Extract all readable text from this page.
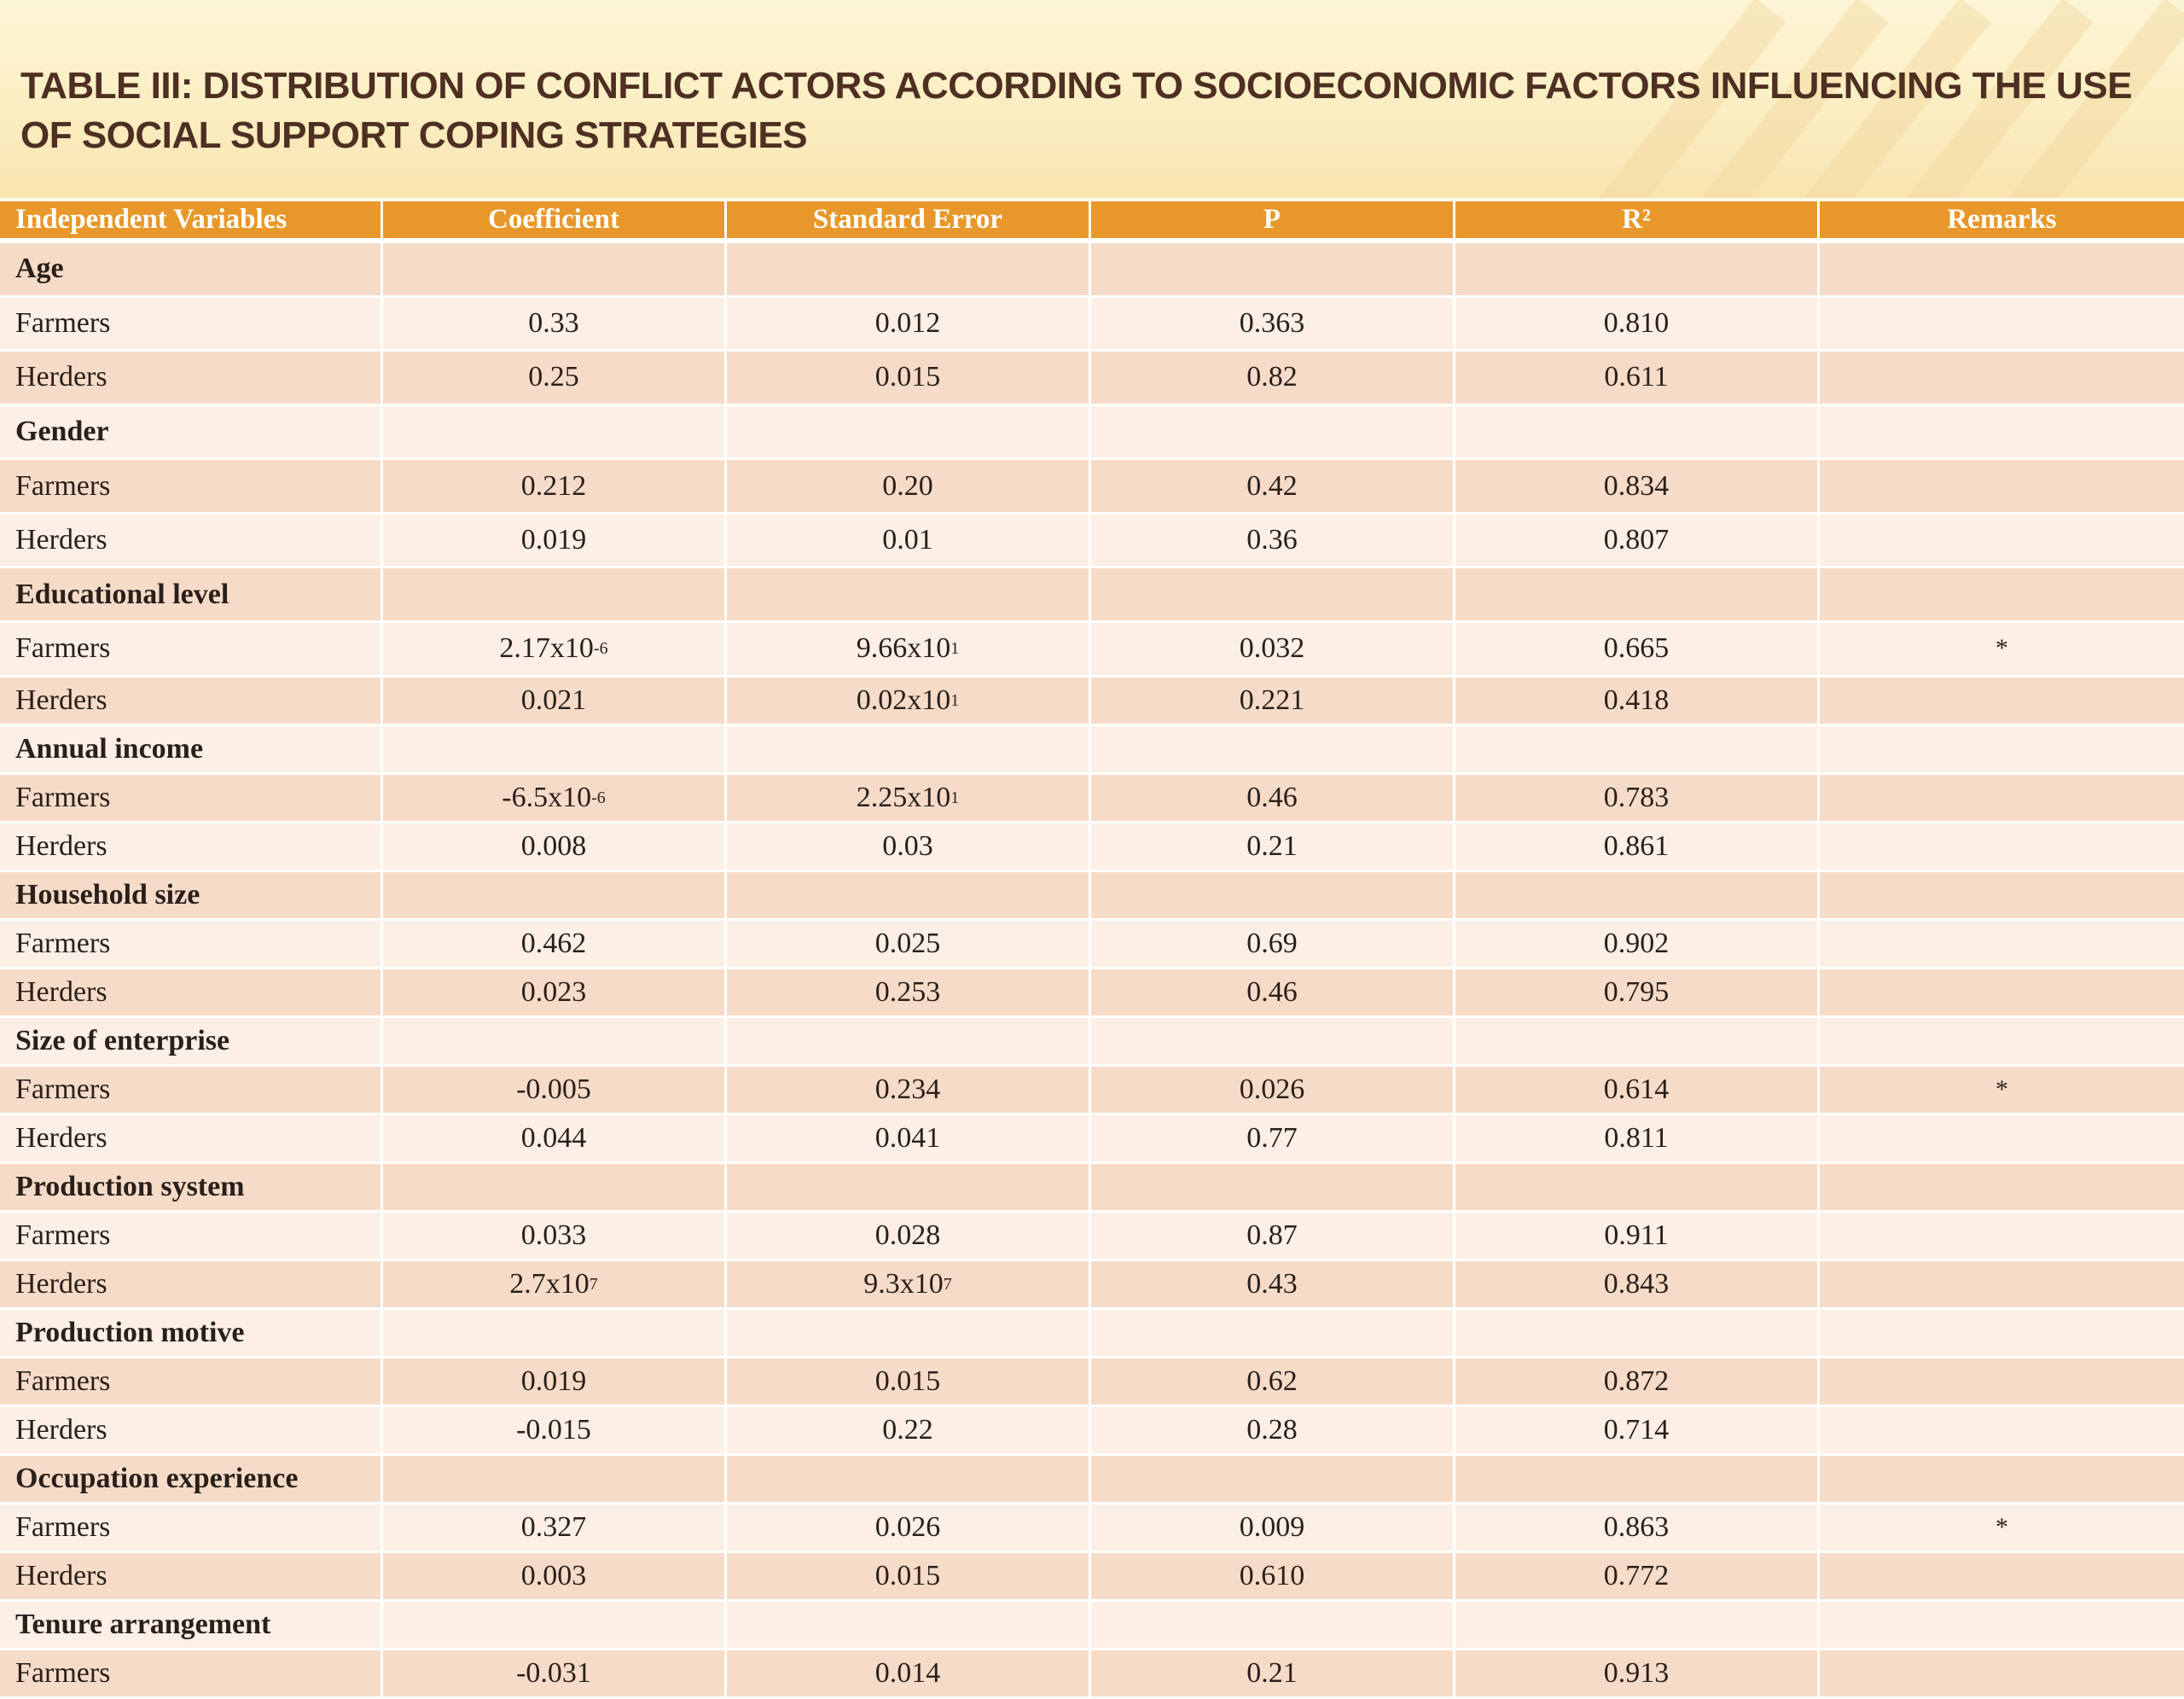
TABLE III: DISTRIBUTION OF CONFLICT ACTORS ACCORDING TO SOCIOECONOMIC FACTORS INFLUENCING THE USE OF SOCIAL SUPPORT COPING STRATEGIES
Independent Variables	Coefficient	Standard Error	P	R²	Remarks
Age
Farmers	0.33	0.012	0.363	0.810
Herders	0.25	0.015	0.82	0.611
Gender
Farmers	0.212	0.20	0.42	0.834
Herders	0.019	0.01	0.36	0.807
Educational level
Farmers	2.17x10 -6	9.66x10 1	0.032	0.665	*
Herders	0.021	0.02x10 1	0.221	0.418
Annual income
Farmers	-6.5x10 -6	2.25x10 1	0.46	0.783
Herders	0.008	0.03	0.21	0.861
Household size
Farmers	0.462	0.025	0.69	0.902
Herders	0.023	0.253	0.46	0.795
Size of enterprise
Farmers	-0.005	0.234	0.026	0.614	*
Herders	0.044	0.041	0.77	0.811
Production system
Farmers	0.033	0.028	0.87	0.911
Herders	2.7x10 7	9.3x10 7	0.43	0.843
Production motive
Farmers	0.019	0.015	0.62	0.872
Herders	-0.015	0.22	0.28	0.714
Occupation experience
Farmers	0.327	0.026	0.009	0.863	*
Herders	0.003	0.015	0.610	0.772
Tenure arrangement
Farmers	-0.031	0.014	0.21	0.913
